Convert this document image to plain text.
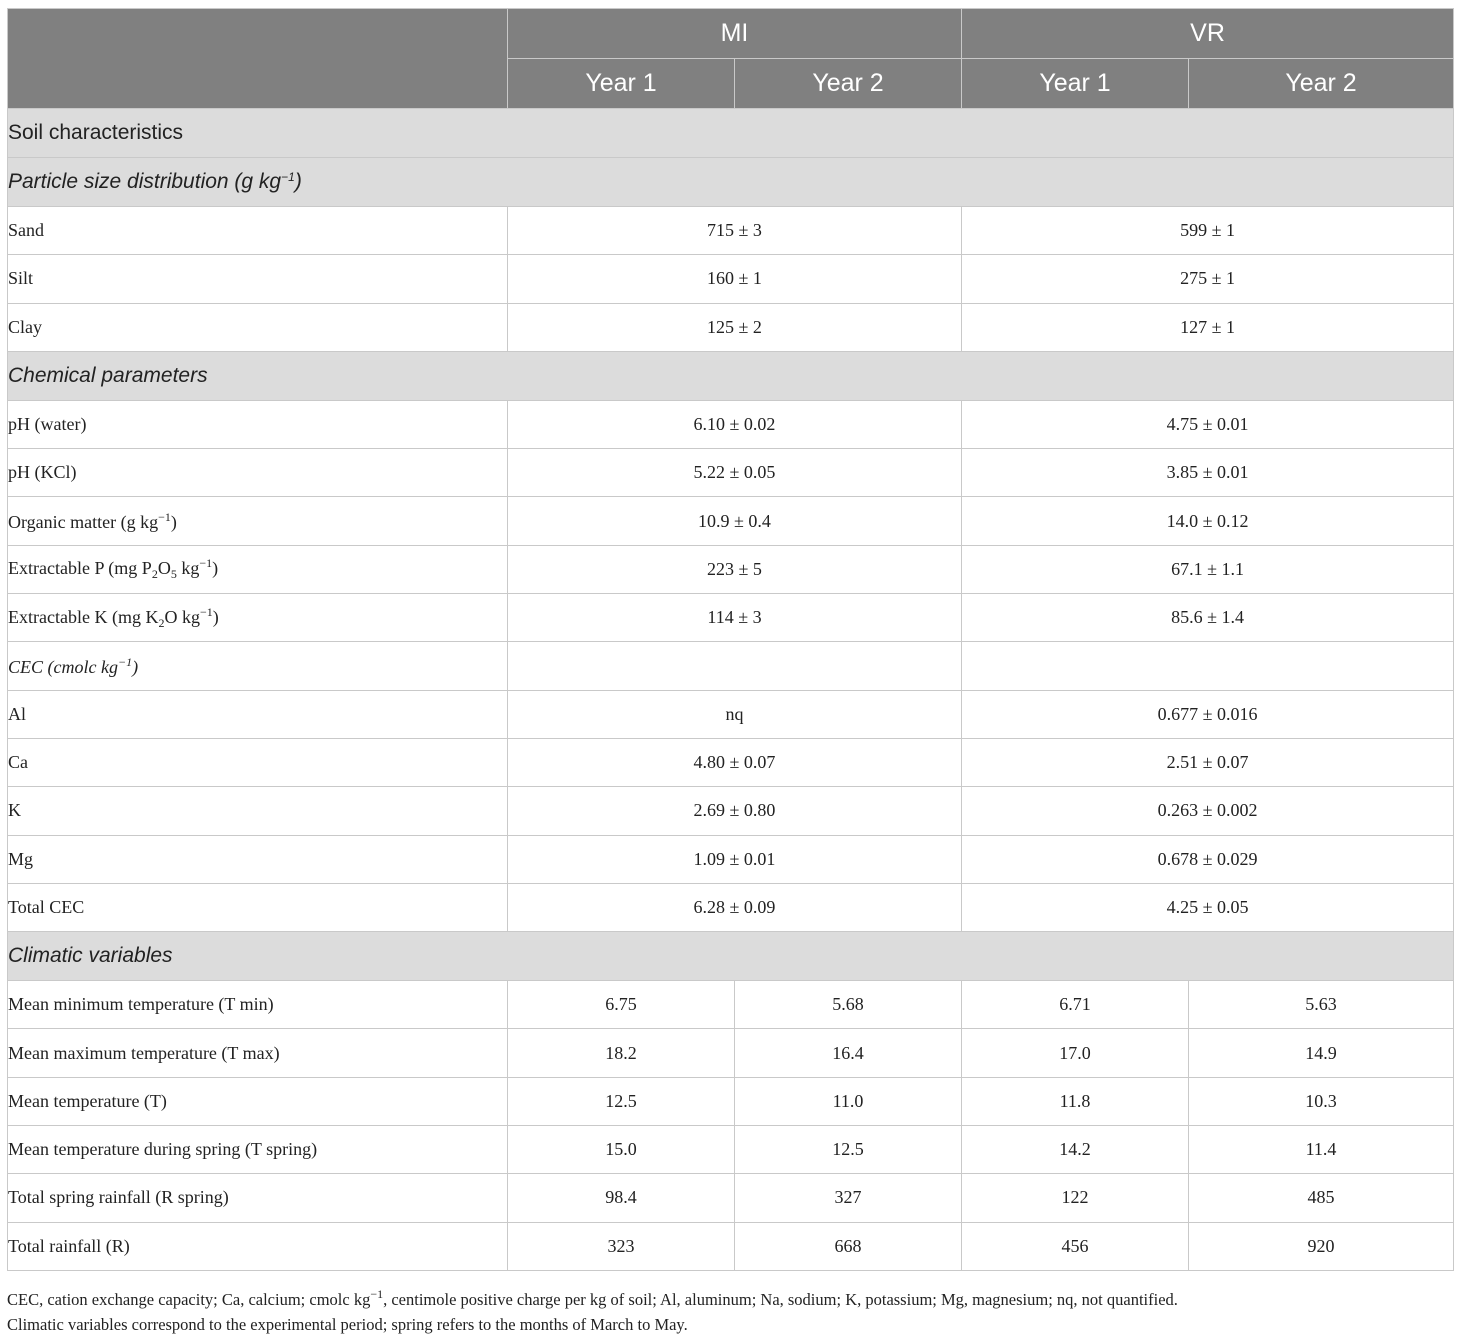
	MI		VR	
	Year 1	Year 2	Year 1	Year 2
Soil characteristics				
Particle size distribution (g $kg^{-1}$)				
Sand	715 ± 3		599 ± 1	
Silt	160 ± 1		275 ± 1	
Clay	125 ± 2		127 ± 1	
Chemical parameters				
pH (water)	6.10 ± 0.02		4.75 ± 0.01	
pH (KCl)	5.22 ± 0.05		3.85 ± 0.01	
Organic matter (g $kg^{-1}$)	10.9 ± 0.4		14.0 ± 0.12	
Extractable P (mg $P_2O_5$ $kg^{-1}$)	223 ± 5		67.1 ± 1.1	
Extractable K (mg $K_2O$ $kg^{-1}$)	114 ± 3		85.6 ± 1.4	
CEC (cmolc $kg^{-1}$)				
Al	nq		0.677 ± 0.016	
Ca	4.80 ± 0.07		2.51 ± 0.07	
K	2.69 ± 0.80		0.263 ± 0.002	
Mg	1.09 ± 0.01		0.678 ± 0.029	
Total CEC	6.28 ± 0.09		4.25 ± 0.05	
Climatic variables				
Mean minimum temperature (T min)	6.75	5.68	6.71	5.63
Mean maximum temperature (T max)	18.2	16.4	17.0	14.9
Mean temperature (T)	12.5	11.0	11.8	10.3
Mean temperature during spring (T spring)	15.0	12.5	14.2	11.4
Total spring rainfall (R spring)	98.4	327	122	485
Total rainfall (R)	323	668	456	920
CEC, cation exchange capacity; Ca, calcium; cmolc $kg^{-1}$, centimole positive charge per kg of soil; Al, aluminum; Na, sodium; K, potassium; Mg, magnesium; nq, not quantified.
Climatic variables correspond to the experimental period; spring refers to the months of March to May.
